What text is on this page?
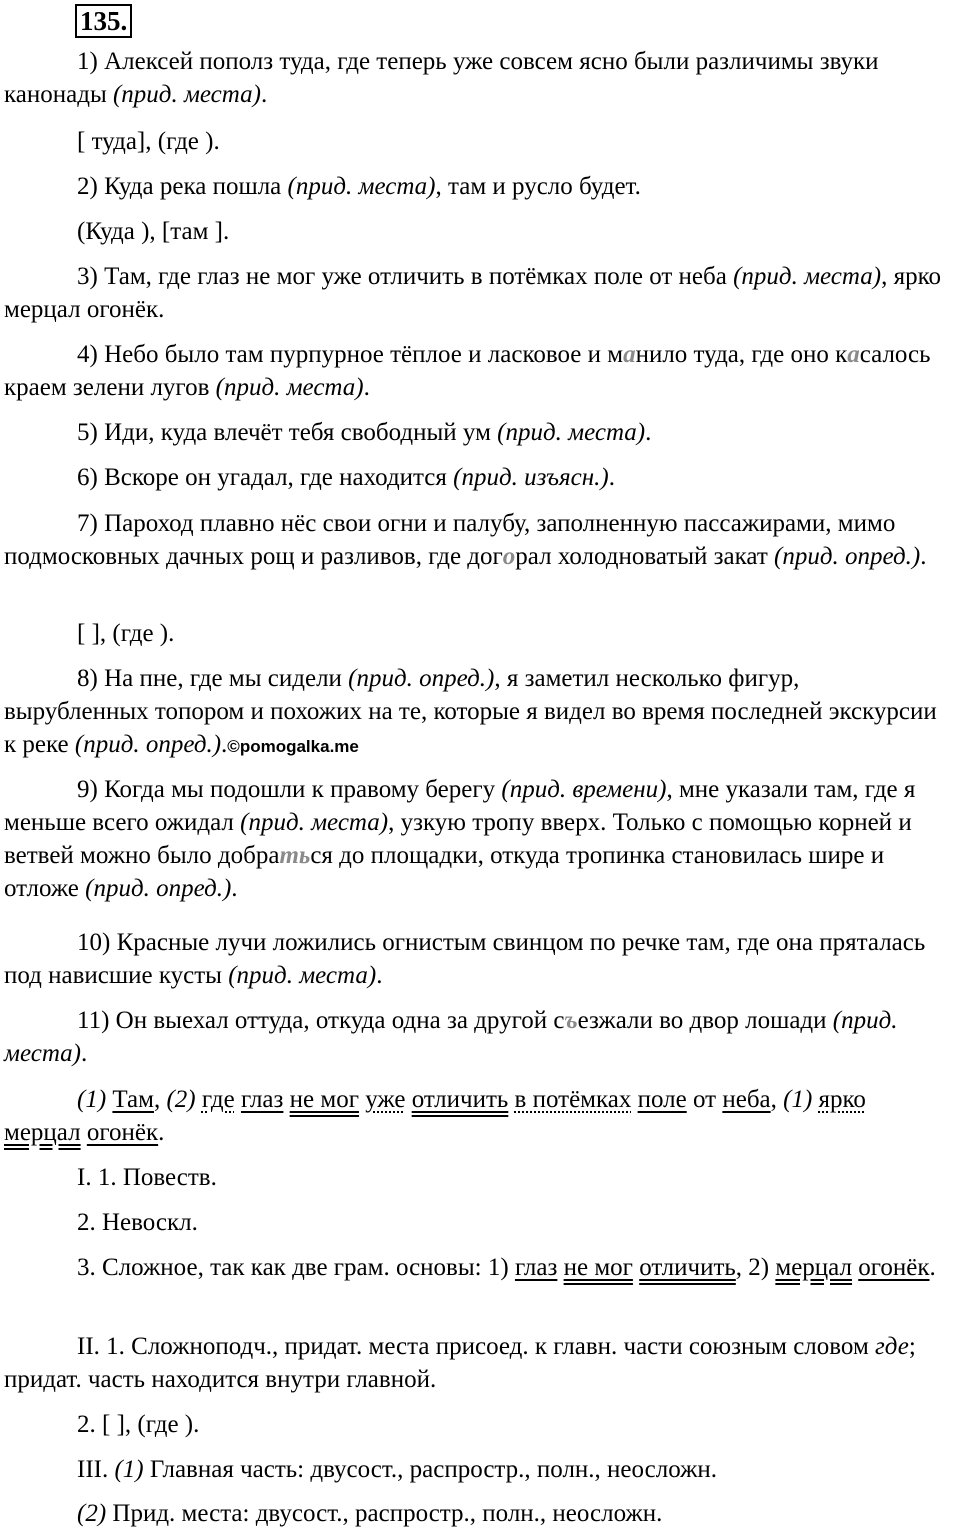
135.

1) Алексей пополз туда, где теперь уже совсем ясно были различимы звуки канонады (прид. места).

[ туда], (где ).

2) Куда река пошла (прид. места), там и русло будет.

(Куда ), [там ].

3) Там, где глаз не мог уже отличить в потёмках поле от неба (прид. места), ярко мерцал огонёк.

4) Небо было там пурпурное тёплое и ласковое и манило туда, где оно касалось краем зелени лугов (прид. места).

5) Иди, куда влечёт тебя свободный ум (прид. места).

6) Вскоре он угадал, где находится (прид. изъясн.).

7) Пароход плавно нёс свои огни и палубу, заполненную пассажирами, мимо подмосковных дачных рощ и разливов, где догорал холодноватый закат (прид. опред.).

[ ], (где ).

8) На пне, где мы сидели (прид. опред.), я заметил несколько фигур, вырубленных топором и похожих на те, которые я видел во время последней экскурсии к реке (прид. опред.).©pomogalka.me

9) Когда мы подошли к правому берегу (прид. времени), мне указали там, где я меньше всего ожидал (прид. места), узкую тропу вверх. Только с помощью корней и ветвей можно было добраться до площадки, откуда тропинка становилась шире и отложе (прид. опред.).

10) Красные лучи ложились огнистым свинцом по речке там, где она пряталась под нависшие кусты (прид. места).

11) Он выехал оттуда, откуда одна за другой съезжали во двор лошади (прид. места).

(1) Там, (2) где глаз не мог уже отличить в потёмках поле от неба, (1) ярко мерцал огонёк.

I. 1. Повеств.

2. Невоскл.

3. Сложное, так как две грам. основы: 1) глаз не мог отличить, 2) мерцал огонёк.

II. 1. Сложноподч., придат. места присоед. к главн. части союзным словом где; придат. часть находится внутри главной.

2. [ ], (где ).

III. (1) Главная часть: двусост., распростр., полн., неосложн.

(2) Прид. места: двусост., распростр., полн., неосложн.
